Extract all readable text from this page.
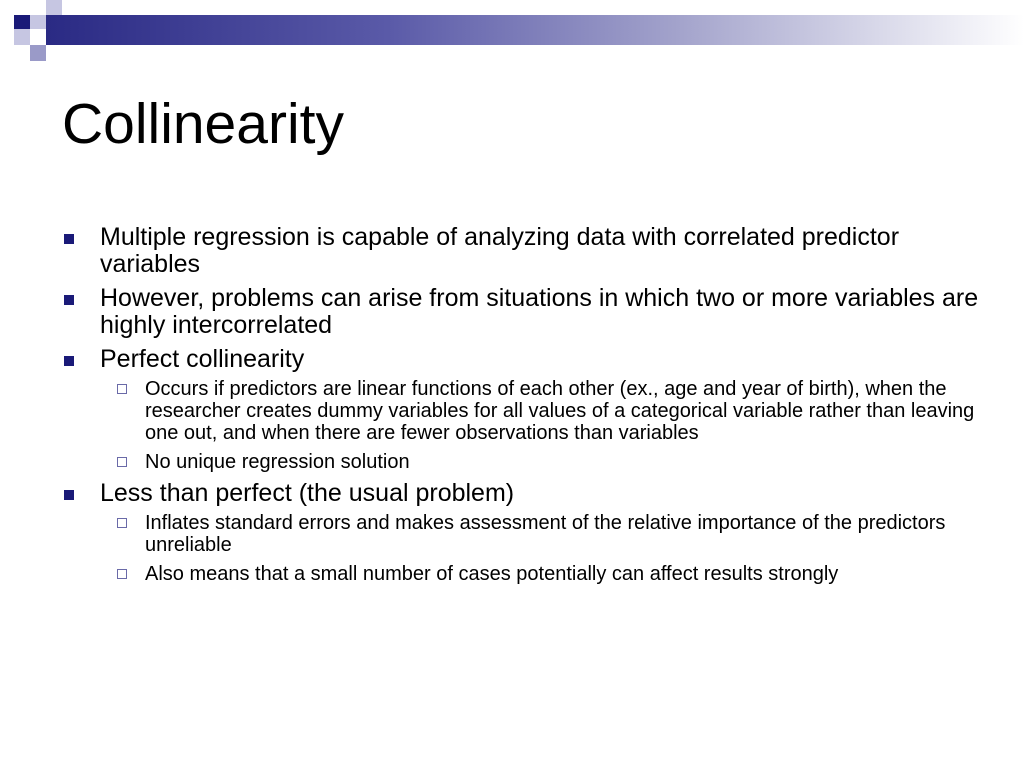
Collinearity
Multiple regression is capable of analyzing data with correlated predictor variables
However, problems can arise from situations in which two or more variables are highly intercorrelated
Perfect collinearity
Occurs if predictors are linear functions of each other (ex., age and year of birth), when the researcher creates dummy variables for all values of a categorical variable rather than leaving one out, and when there are fewer observations than variables
No unique regression solution
Less than perfect (the usual problem)
Inflates standard errors and makes assessment of the relative importance of the predictors unreliable
Also means that a small number of cases potentially can affect results strongly
